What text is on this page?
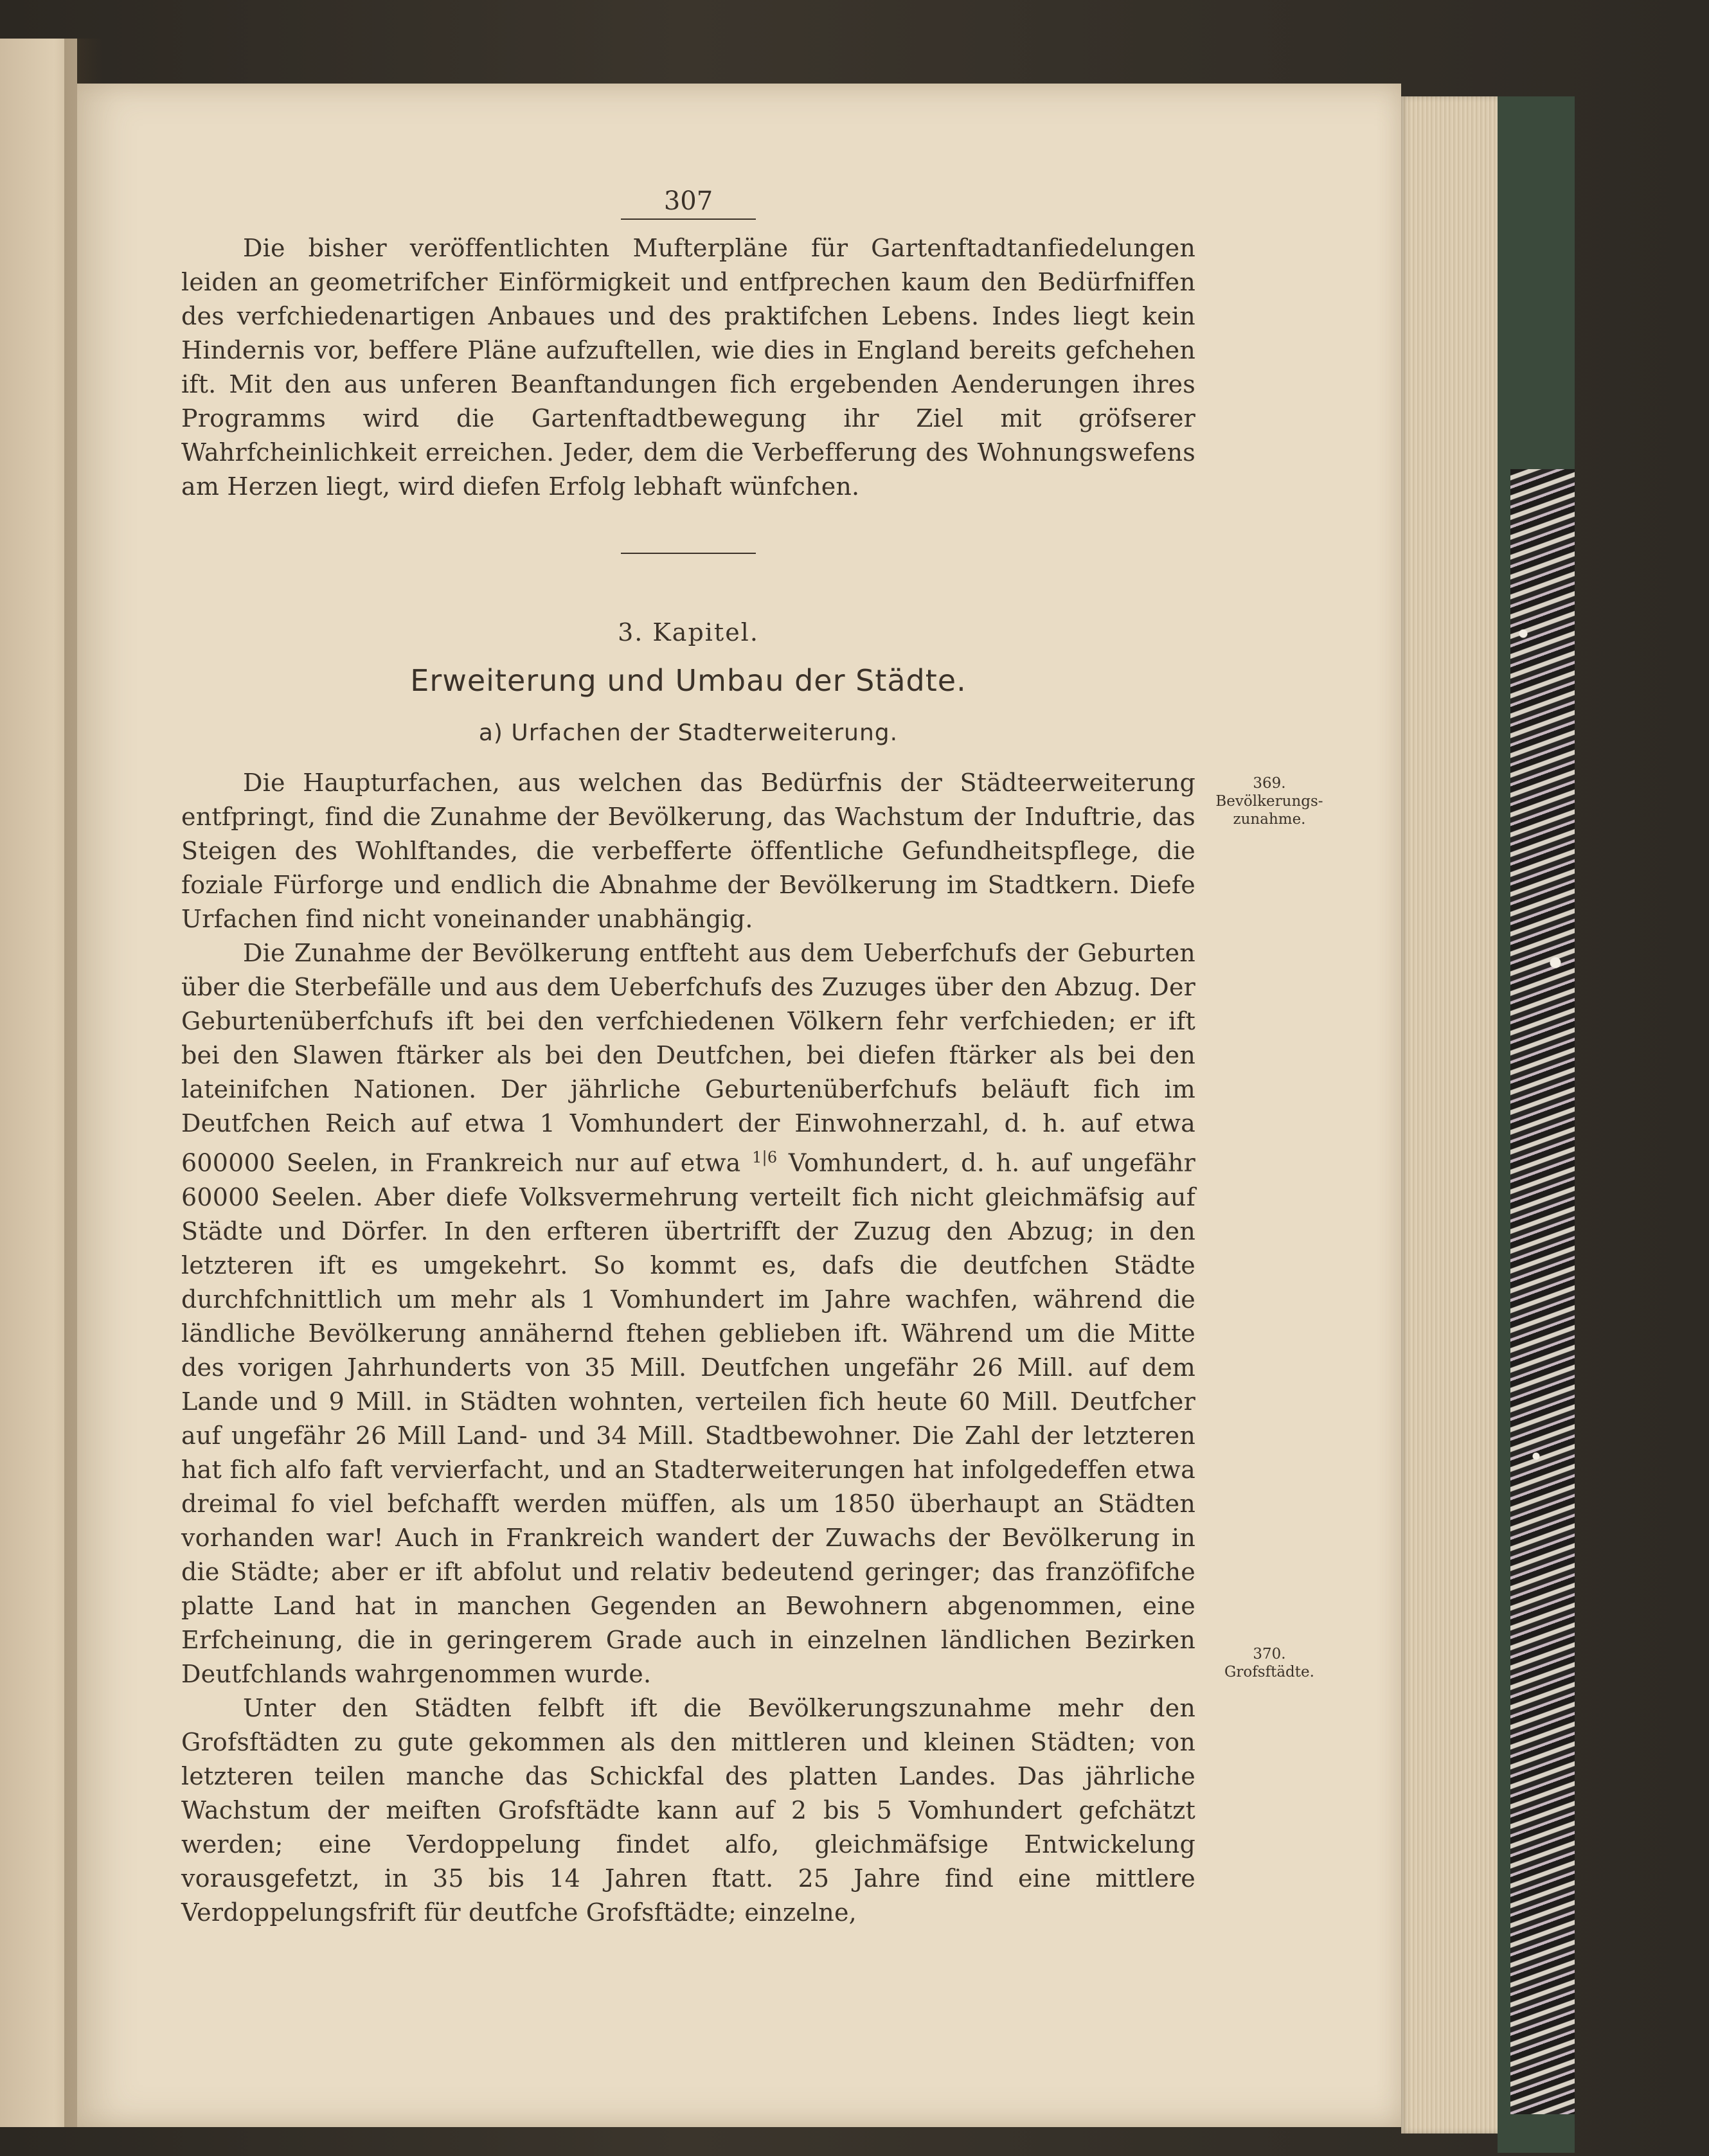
307

Die bisher veröffentlichten Mufterpläne für Gartenftadtanfiedelungen leiden an geometrifcher Einförmigkeit und entfprechen kaum den Bedürfniffen des verfchiedenartigen Anbaues und des praktifchen Lebens. Indes liegt kein Hindernis vor, beffere Pläne aufzuftellen, wie dies in England bereits gefchehen ift. Mit den aus unferen Beanftandungen fich ergebenden Aenderungen ihres Programms wird die Gartenftadtbewegung ihr Ziel mit gröfserer Wahrfcheinlichkeit erreichen. Jeder, dem die Verbefferung des Wohnungswefens am Herzen liegt, wird diefen Erfolg lebhaft wünfchen.

3. Kapitel.
Erweiterung und Umbau der Städte.
a) Urfachen der Stadterweiterung.

Die Haupturfachen, aus welchen das Bedürfnis der Städteerweiterung entfpringt, find die Zunahme der Bevölkerung, das Wachstum der Induftrie, das Steigen des Wohlftandes, die verbefferte öffentliche Gefundheitspflege, die foziale Fürforge und endlich die Abnahme der Bevölkerung im Stadtkern. Diefe Urfachen find nicht voneinander unabhängig.

Die Zunahme der Bevölkerung entfteht aus dem Ueberfchufs der Geburten über die Sterbefälle und aus dem Ueberfchufs des Zuzuges über den Abzug. Der Geburtenüberfchufs ift bei den verfchiedenen Völkern fehr verfchieden; er ift bei den Slawen ftärker als bei den Deutfchen, bei diefen ftärker als bei den lateinifchen Nationen. Der jährliche Geburtenüberfchufs beläuft fich im Deutfchen Reich auf etwa 1 Vomhundert der Einwohnerzahl, d. h. auf etwa 600000 Seelen, in Frankreich nur auf etwa $^{1|6}$ Vomhundert, d. h. auf ungefähr 60000 Seelen. Aber diefe Volksvermehrung verteilt fich nicht gleichmäfsig auf Städte und Dörfer. In den erfteren übertrifft der Zuzug den Abzug; in den letzteren ift es umgekehrt. So kommt es, dafs die deutfchen Städte durchfchnittlich um mehr als 1 Vomhundert im Jahre wachfen, während die ländliche Bevölkerung annähernd ftehen geblieben ift. Während um die Mitte des vorigen Jahrhunderts von 35 Mill. Deutfchen ungefähr 26 Mill. auf dem Lande und 9 Mill. in Städten wohnten, verteilen fich heute 60 Mill. Deutfcher auf ungefähr 26 Mill Land- und 34 Mill. Stadtbewohner. Die Zahl der letzteren hat fich alfo faft vervierfacht, und an Stadterweiterungen hat infolgedeffen etwa dreimal fo viel befchafft werden müffen, als um 1850 überhaupt an Städten vorhanden war! Auch in Frankreich wandert der Zuwachs der Bevölkerung in die Städte; aber er ift abfolut und relativ bedeutend geringer; das franzöfifche platte Land hat in manchen Gegenden an Bewohnern abgenommen, eine Erfcheinung, die in geringerem Grade auch in einzelnen ländlichen Bezirken Deutfchlands wahrgenommen wurde.

Unter den Städten felbft ift die Bevölkerungszunahme mehr den Grofsftädten zu gute gekommen als den mittleren und kleinen Städten; von letzteren teilen manche das Schickfal des platten Landes. Das jährliche Wachstum der meiften Grofsftädte kann auf 2 bis 5 Vomhundert gefchätzt werden; eine Verdoppelung findet alfo, gleichmäfsige Entwickelung vorausgefetzt, in 35 bis 14 Jahren ftatt. 25 Jahre find eine mittlere Verdoppelungsfrift für deutfche Grofsftädte; einzelne,

369.
Bevölkerungs-zunahme.
370.
Grofsftädte.
